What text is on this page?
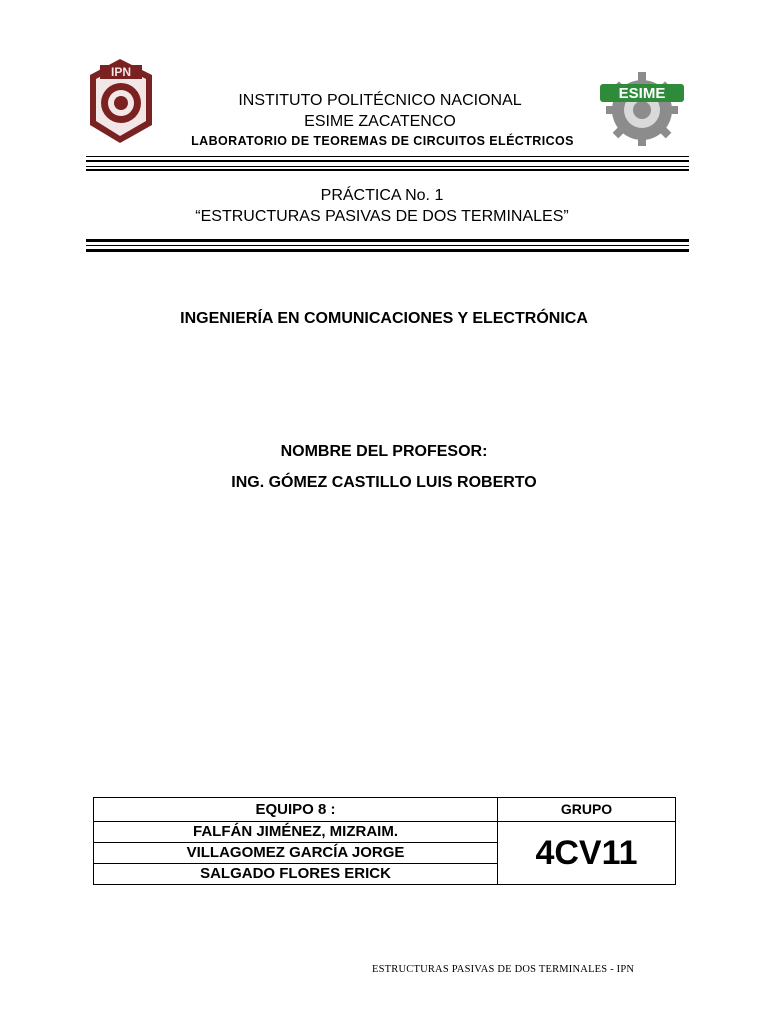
IPN
ESIME
INSTITUTO POLITÉCNICO NACIONAL
ESIME ZACATENCO
LABORATORIO DE TEOREMAS DE CIRCUITOS ELÉCTRICOS
PRÁCTICA No. 1
“ESTRUCTURAS PASIVAS DE DOS TERMINALES”
INGENIERÍA EN COMUNICACIONES Y ELECTRÓNICA
NOMBRE DEL PROFESOR:
ING. GÓMEZ CASTILLO LUIS ROBERTO
EQUIPO 8 :	GRUPO
FALFÁN JIMÉNEZ, MIZRAIM.	4CV11
VILLAGOMEZ GARCÍA JORGE	
SALGADO FLORES ERICK	
ESTRUCTURAS PASIVAS DE DOS TERMINALES - IPN
